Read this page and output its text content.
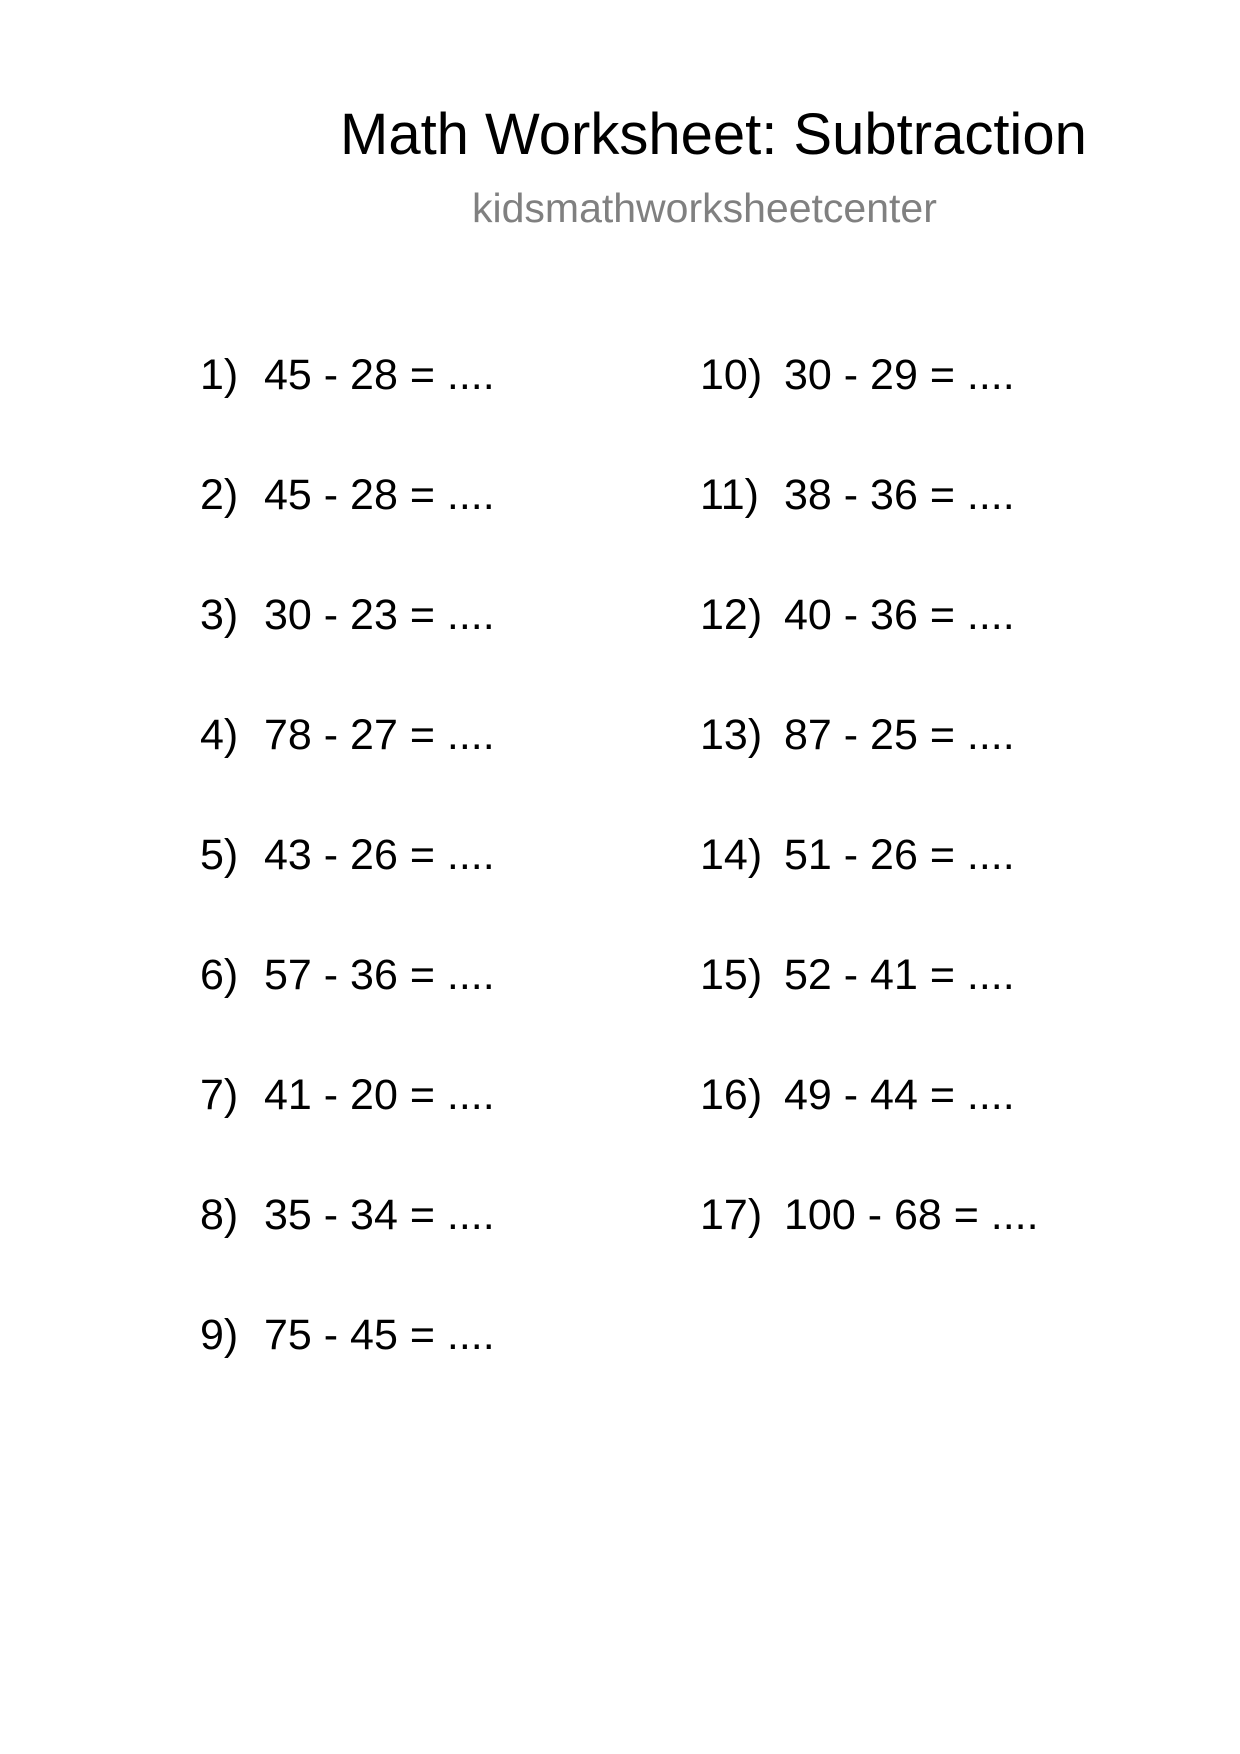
Math Worksheet: Subtraction
kidsmathworksheetcenter
1) 45 - 28 = ....
2) 45 - 28 = ....
3) 30 - 23 = ....
4) 78 - 27 = ....
5) 43 - 26 = ....
6) 57 - 36 = ....
7) 41 - 20 = ....
8) 35 - 34 = ....
9) 75 - 45 = ....
10) 30 - 29 = ....
11) 38 - 36 = ....
12) 40 - 36 = ....
13) 87 - 25 = ....
14) 51 - 26 = ....
15) 52 - 41 = ....
16) 49 - 44 = ....
17) 100 - 68 = ....
